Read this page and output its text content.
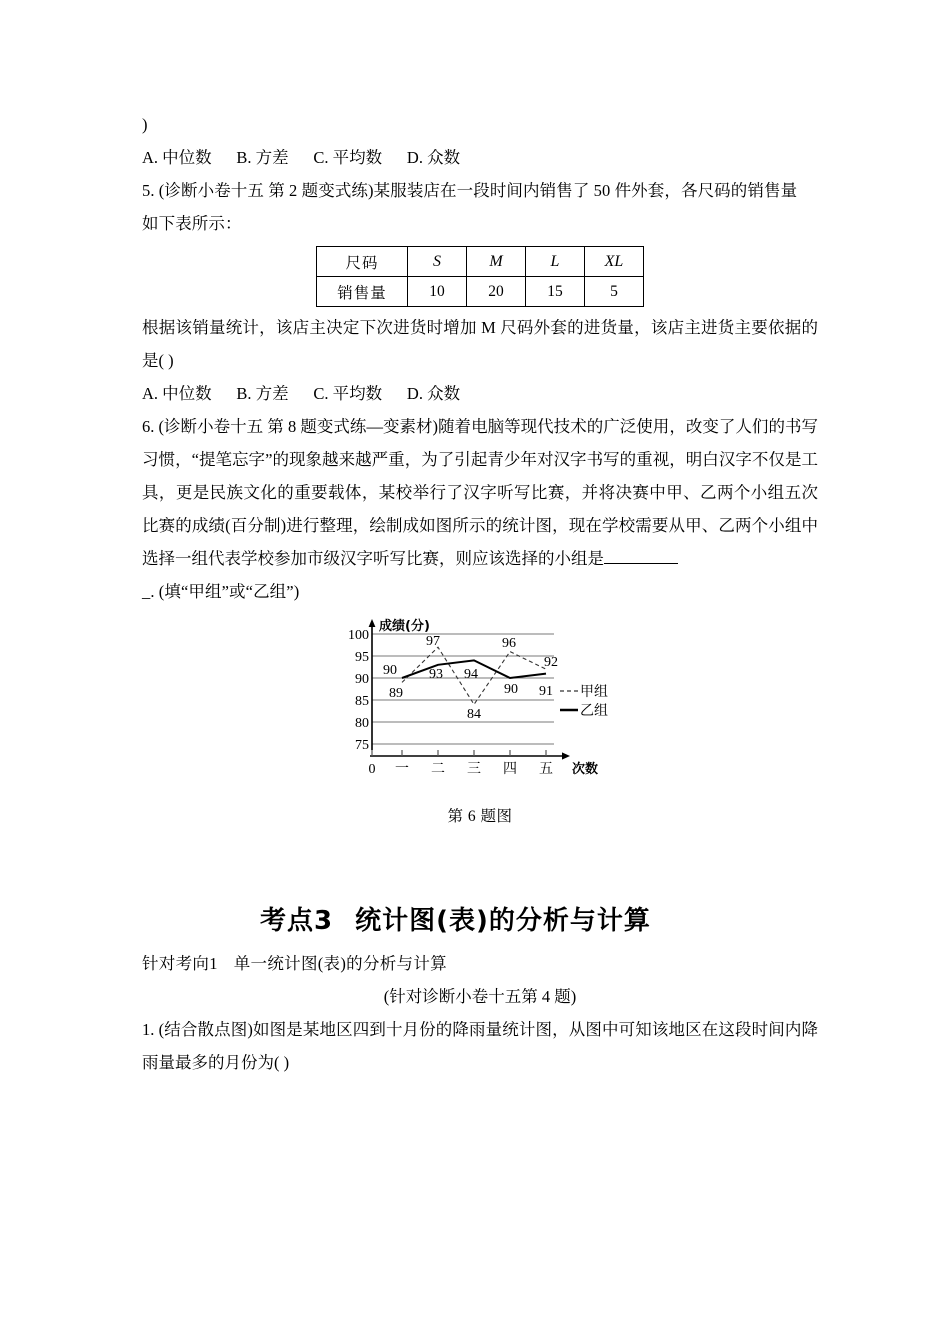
)
A. 中位数      B. 方差      C. 平均数      D. 众数
5. (诊断小卷十五 第 2 题变式练)某服装店在一段时间内销售了 50 件外套，各尺码的销售量
如下表所示：
尺码	S	M	L	XL
销售量	10	20	15	5
根据该销量统计，该店主决定下次进货时增加 M 尺码外套的进货量，该店主进货主要依据的是( )
A. 中位数      B. 方差      C. 平均数      D. 众数
6. (诊断小卷十五 第 8 题变式练—变素材)随着电脑等现代技术的广泛使用，改变了人们的书写习惯，“提笔忘字”的现象越来越严重，为了引起青少年对汉字书写的重视，明白汉字不仅是工具，更是民族文化的重要载体，某校举行了汉字听写比赛，并将决赛中甲、乙两个小组五次比赛的成绩(百分制)进行整理，绘制成如图所示的统计图，现在学校需要从甲、乙两个小组中选择一组代表学校参加市级汉字听写比赛，则应该选择的小组是
_. (填“甲组”或“乙组”)
100
95
90
85
80
75
成绩(分)
0 一 二 三 四 五 次数
89
97
84
96
92
90 93 94
90 91 甲组
乙组
第 6 题图
考点3 统计图(表)的分析与计算
针对考向1 单一统计图(表)的分析与计算
(针对诊断小卷十五第 4 题)
1. (结合散点图)如图是某地区四到十月份的降雨量统计图，从图中可知该地区在这段时间内降雨量最多的月份为( )
